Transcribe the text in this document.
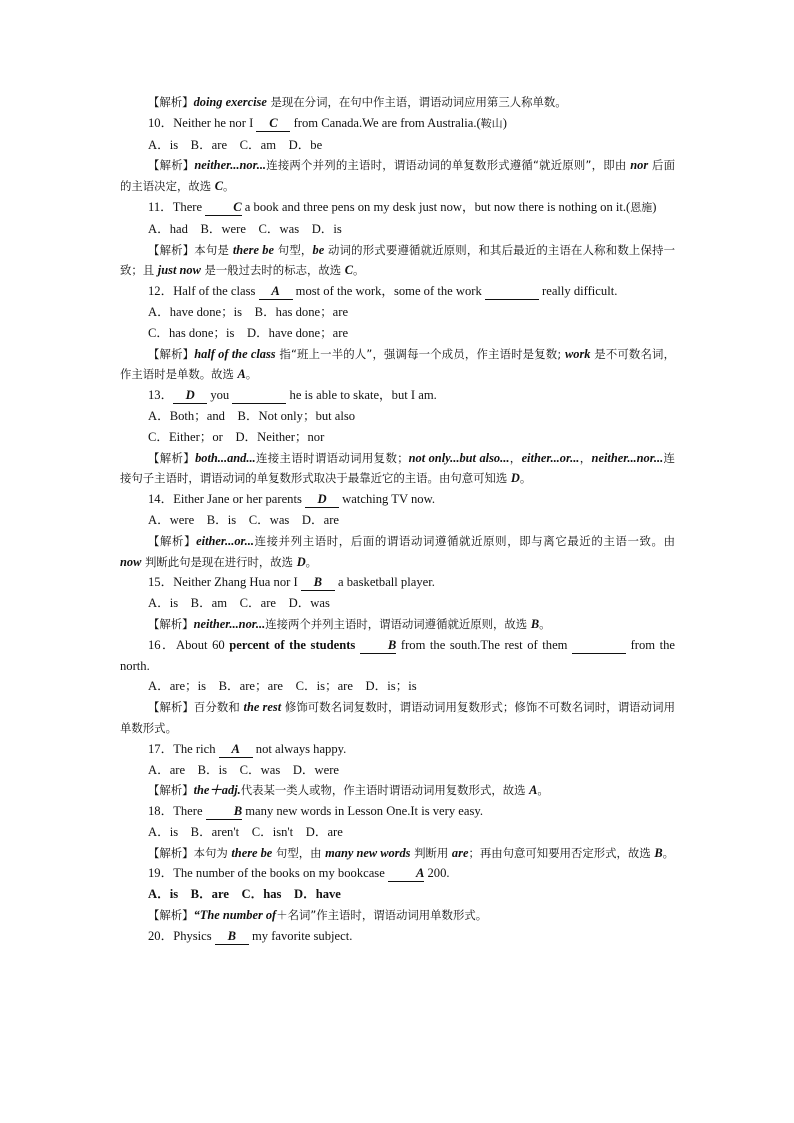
【解析】doing exercise 是现在分词，在句中作主语，谓语动词应用第三人称单数。
10．Neither he nor I C from Canada.We are from Australia.(鞍山)
A．is　B．are　C．am　D．be
【解析】neither...nor...连接两个并列的主语时，谓语动词的单复数形式遵循“就近原则”，即由 nor 后面的主语决定，故选 C。
11．There C a book and three pens on my desk just now，but now there is nothing on it.(恩施)
A．had　B．were　C．was　D．is
【解析】本句是 there be 句型，be 动词的形式要遵循就近原则，和其后最近的主语在人称和数上保持一致；且 just now 是一般过去时的标志，故选 C。
12．Half of the class A most of the work，some of the work	really difficult.
A．have done；is　B．has done；are
C．has done；is　D．have done；are
【解析】half of the class 指“班上一半的人”，强调每一个成员，作主语时是复数; work 是不可数名词，作主语时是单数。故选 A。
13． D you	he is able to skate，but I am.
A．Both；and　B．Not only；but also
C．Either；or　D．Neither；nor
【解析】both...and...连接主语时谓语动词用复数；not only...but also...，either...or...，neither...nor...连接句子主语时，谓语动词的单复数形式取决于最靠近它的主语。由句意可知选 D。
14．Either Jane or her parents D watching TV now.
A．were　B．is　C．was　D．are
【解析】either...or...连接并列主语时，后面的谓语动词遵循就近原则，即与离它最近的主语一致。由 now 判断此句是现在进行时，故选 D。
15．Neither Zhang Hua nor I B a basketball player.
A．is　B．am　C．are　D．was
【解析】neither...nor...连接两个并列主语时，谓语动词遵循就近原则，故选 B。
16．About 60 percent of the students	B from the south.The rest of them	from the north.
A．are；is　B．are；are　C．is；are　D．is；is
【解析】百分数和 the rest 修饰可数名词复数时，谓语动词用复数形式；修饰不可数名词时，谓语动词用单数形式。
17．The rich A not always happy.
A．are　B．is　C．was　D．were
【解析】the＋adj.代表某一类人或物，作主语时谓语动词用复数形式，故选 A。
18．There B many new words in Lesson One.It is very easy.
A．is　B．aren't　C．isn't　D．are
【解析】本句为 there be 句型，由 many new words 判断用 are；再由句意可知要用否定形式，故选 B。
19．The number of the books on my bookcase A 200.
A．is　B．are　C．has　D．have
【解析】“The number of＋名词”作主语时，谓语动词用单数形式。
20．Physics B my favorite subject.
